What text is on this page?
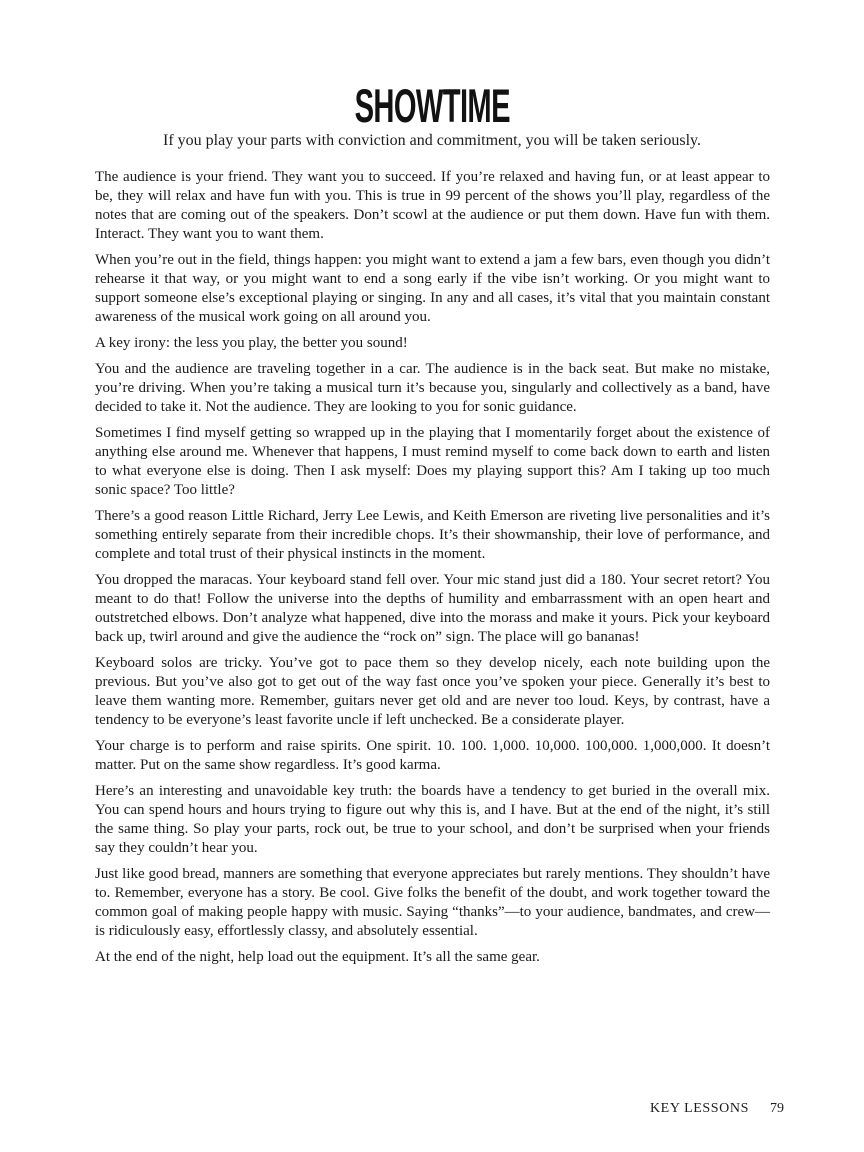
SHOWTIME

If you play your parts with conviction and commitment, you will be taken seriously.

The audience is your friend. They want you to succeed. If you’re relaxed and having fun, or at least appear to be, they will relax and have fun with you. This is true in 99 percent of the shows you’ll play, regardless of the notes that are coming out of the speakers. Don’t scowl at the audience or put them down. Have fun with them. Interact. They want you to want them.

When you’re out in the field, things happen: you might want to extend a jam a few bars, even though you didn’t rehearse it that way, or you might want to end a song early if the vibe isn’t working. Or you might want to support someone else’s exceptional playing or singing. In any and all cases, it’s vital that you maintain constant awareness of the musical work going on all around you.

A key irony: the less you play, the better you sound!

You and the audience are traveling together in a car. The audience is in the back seat. But make no mistake, you’re driving. When you’re taking a musical turn it’s because you, singularly and collectively as a band, have decided to take it. Not the audience. They are looking to you for sonic guidance.

Sometimes I find myself getting so wrapped up in the playing that I momentarily forget about the existence of anything else around me. Whenever that happens, I must remind myself to come back down to earth and listen to what everyone else is doing. Then I ask myself: Does my playing support this? Am I taking up too much sonic space? Too little?

There’s a good reason Little Richard, Jerry Lee Lewis, and Keith Emerson are riveting live personalities and it’s something entirely separate from their incredible chops. It’s their showmanship, their love of performance, and complete and total trust of their physical instincts in the moment.

You dropped the maracas. Your keyboard stand fell over. Your mic stand just did a 180. Your secret retort? You meant to do that! Follow the universe into the depths of humility and embarrassment with an open heart and outstretched elbows. Don’t analyze what happened, dive into the morass and make it yours. Pick your keyboard back up, twirl around and give the audience the “rock on” sign. The place will go bananas!

Keyboard solos are tricky. You’ve got to pace them so they develop nicely, each note building upon the previous. But you’ve also got to get out of the way fast once you’ve spoken your piece. Generally it’s best to leave them wanting more. Remember, guitars never get old and are never too loud. Keys, by contrast, have a tendency to be everyone’s least favorite uncle if left unchecked. Be a considerate player.

Your charge is to perform and raise spirits. One spirit. 10. 100. 1,000. 10,000. 100,000. 1,000,000. It doesn’t matter. Put on the same show regardless. It’s good karma.

Here’s an interesting and unavoidable key truth: the boards have a tendency to get buried in the overall mix. You can spend hours and hours trying to figure out why this is, and I have. But at the end of the night, it’s still the same thing. So play your parts, rock out, be true to your school, and don’t be surprised when your friends say they couldn’t hear you.

Just like good bread, manners are something that everyone appreciates but rarely mentions. They shouldn’t have to. Remember, everyone has a story. Be cool. Give folks the benefit of the doubt, and work together toward the common goal of making people happy with music. Saying “thanks”—to your audience, bandmates, and crew—is ridiculously easy, effortlessly classy, and absolutely essential.

At the end of the night, help load out the equipment. It’s all the same gear.

KEY LESSONS 79
